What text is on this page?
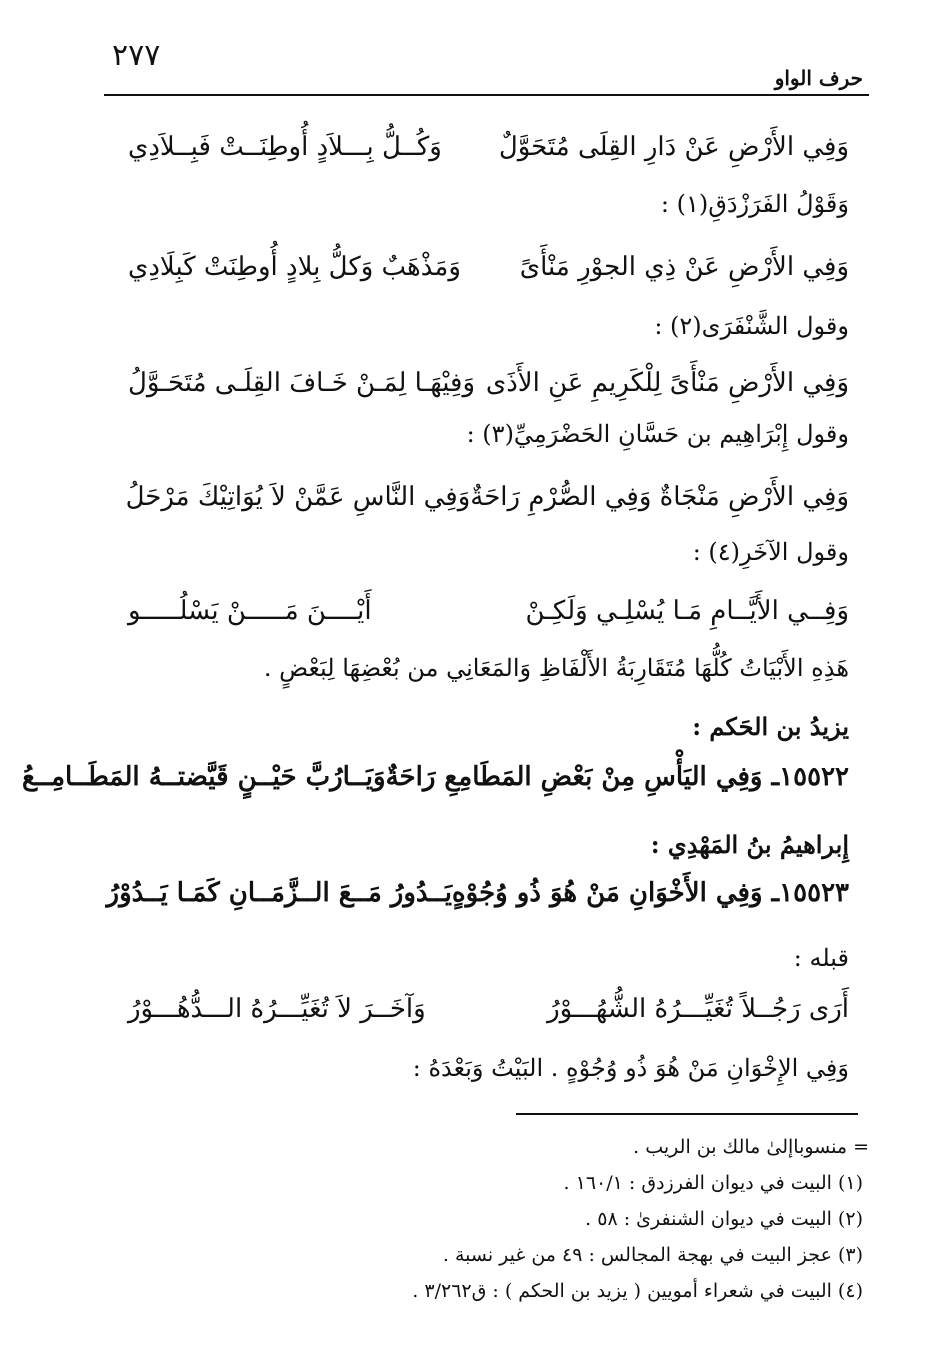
٢٧٧
حرف الواو
وَفِي الأَرْضِ عَنْ دَارِ القِلَى مُتَحَوَّلٌ
وَكُــلُّ بِـــلاَدٍ أُوطِنَــتْ فَبِــلاَدِي
وَقَوْلُ الفَرَزْدَقِ(١) :
وَفِي الأَرْضِ عَنْ ذِي الجوْرِ مَنْأَىً
وَمَذْهَبٌ وَكلُّ بِلادٍ أُوطِنَتْ كَبِلَادِي
وقول الشَّنْفَرَى(٢) :
وَفِي الأَرْضِ مَنْأَىً لِلْكَرِيمِ عَنِ الأَذَى
وَفِيْهَـا لِمَـنْ خَـافَ القِلَـى مُتَحَـوَّلُ
وقول إِبْرَاهِيم بن حَسَّانِ الحَضْرَمِيِّ(٣) :
وَفِي الأَرْضِ مَنْجَاةٌ وَفِي الصُّرْمِ رَاحَةٌ
وَفِي النَّاسِ عَمَّنْ لاَ يُوَاتِيْكَ مَرْحَلُ
وقول الآخَرِ(٤) :
وَفِــي الأَيَّــامِ مَـا يُسْلِـي وَلَكِـنْ
أَيْــــنَ مَـــــنْ يَسْلُـــــو
هَذِهِ الأَبْيَاتُ كُلُّهَا مُتَقَارِبَةُ الأَلْفَاظِ وَالمَعَانِي من بُعْضِهَا لِبَعْضٍ .
يزيدُ بن الحَكم :
١٥٥٢٢ـ وَفِي اليَأْسِ مِنْ بَعْضِ المَطَامِعِ رَاحَةٌ
وَيَــارُبَّ حَيْــنٍ قَيَّضتــهُ المَطَــامِــعُ
إِبراهيمُ بنُ المَهْدِي :
١٥٥٢٣ـ وَفِي الأَخْوَانِ مَنْ هُوَ ذُو وُجُوْهٍ
يَــدُورُ مَــعَ الــزَّمَــانِ كَمَـا يَــدُوْرُ
قبله :
أَرَى رَجُــلاً تُغَيِّـــرُهُ الشُّهُـــوْرُ
وَآخَــرَ لاَ تُغَيِّـــرُهُ الـــدُّهُـــوْرُ
وَفِي الإِخْوَانِ مَنْ هُوَ ذُو وُجُوْهٍ . البَيْتُ وَبَعْدَهُ :
= منسوباإلىٰ مالك بن الريب .
(١) البيت في ديوان الفرزدق : ١٦٠/١ .
(٢) البيت في ديوان الشنفرىٰ : ٥٨ .
(٣) عجز البيت في بهجة المجالس : ٤٩ من غير نسبة .
(٤) البيت في شعراء أمويين ( يزيد بن الحكم ) : ق٣/٢٦٢ .
